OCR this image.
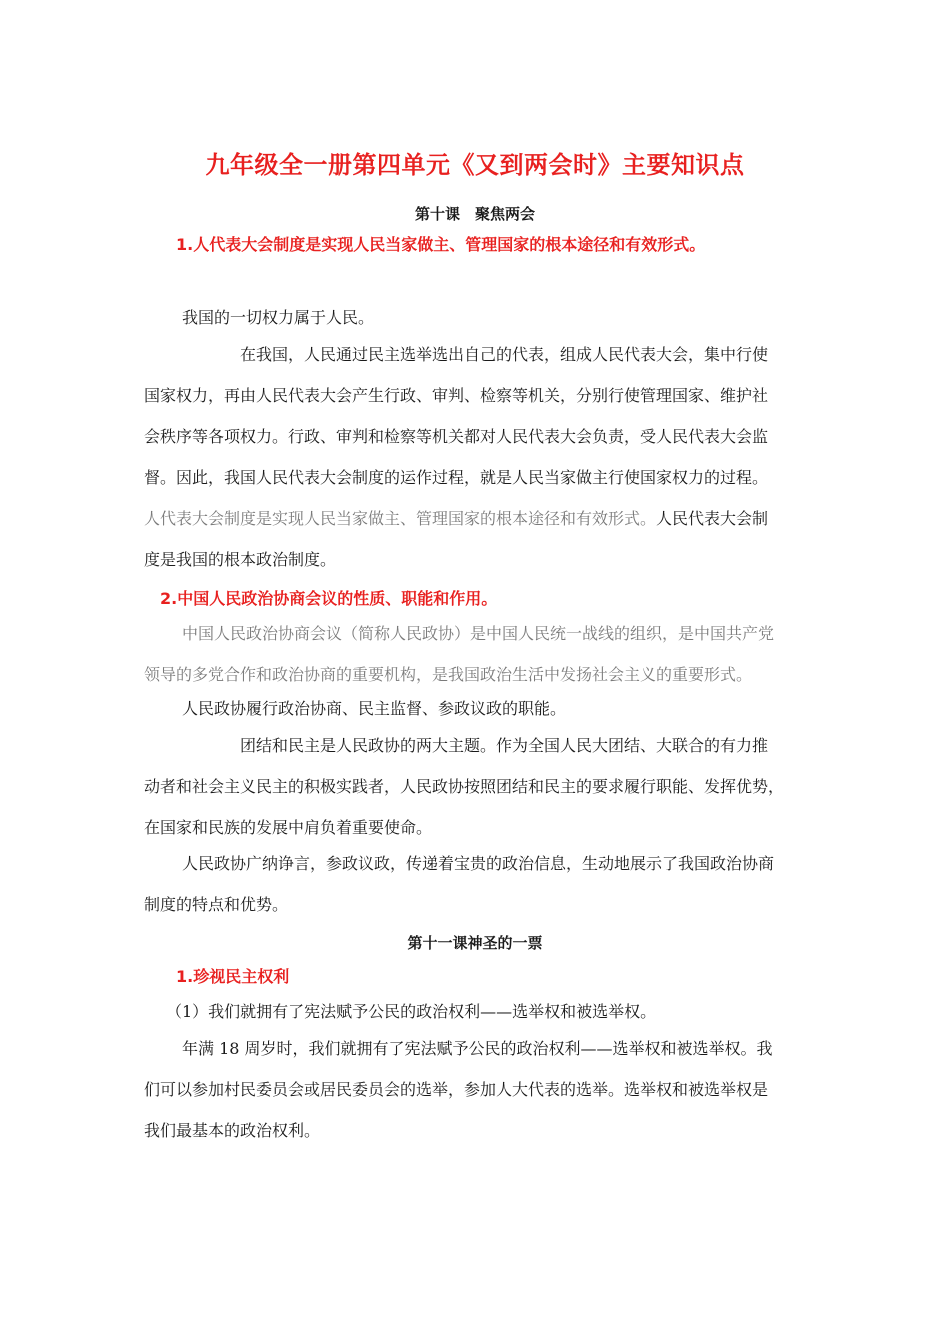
九年级全一册第四单元《又到两会时》主要知识点
第十课　聚焦两会
1.人代表大会制度是实现人民当家做主、管理国家的根本途径和有效形式。

我国的一切权力属于人民。

在我国，人民通过民主选举选出自己的代表，组成人民代表大会，集中行使
国家权力，再由人民代表大会产生行政、审判、检察等机关，分别行使管理国家、维护社
会秩序等各项权力。行政、审判和检察等机关都对人民代表大会负责，受人民代表大会监
督。因此，我国人民代表大会制度的运作过程，就是人民当家做主行使国家权力的过程。
人代表大会制度是实现人民当家做主、管理国家的根本途径和有效形式。人民代表大会制
度是我国的根本政治制度。

2.中国人民政治协商会议的性质、职能和作用。

中国人民政治协商会议（简称人民政协）是中国人民统一战线的组织，是中国共产党
领导的多党合作和政治协商的重要机构，是我国政治生活中发扬社会主义的重要形式。

人民政协履行政治协商、民主监督、参政议政的职能。

团结和民主是人民政协的两大主题。作为全国人民大团结、大联合的有力推
动者和社会主义民主的积极实践者，人民政协按照团结和民主的要求履行职能、发挥优势，
在国家和民族的发展中肩负着重要使命。

人民政协广纳诤言，参政议政，传递着宝贵的政治信息，生动地展示了我国政治协商
制度的特点和优势。

第十一课神圣的一票
1.珍视民主权利

（1）我们就拥有了宪法赋予公民的政治权利——选举权和被选举权。

年满 18 周岁时，我们就拥有了宪法赋予公民的政治权利——选举权和被选举权。我
们可以参加村民委员会或居民委员会的选举，参加人大代表的选举。选举权和被选举权是
我们最基本的政治权利。
